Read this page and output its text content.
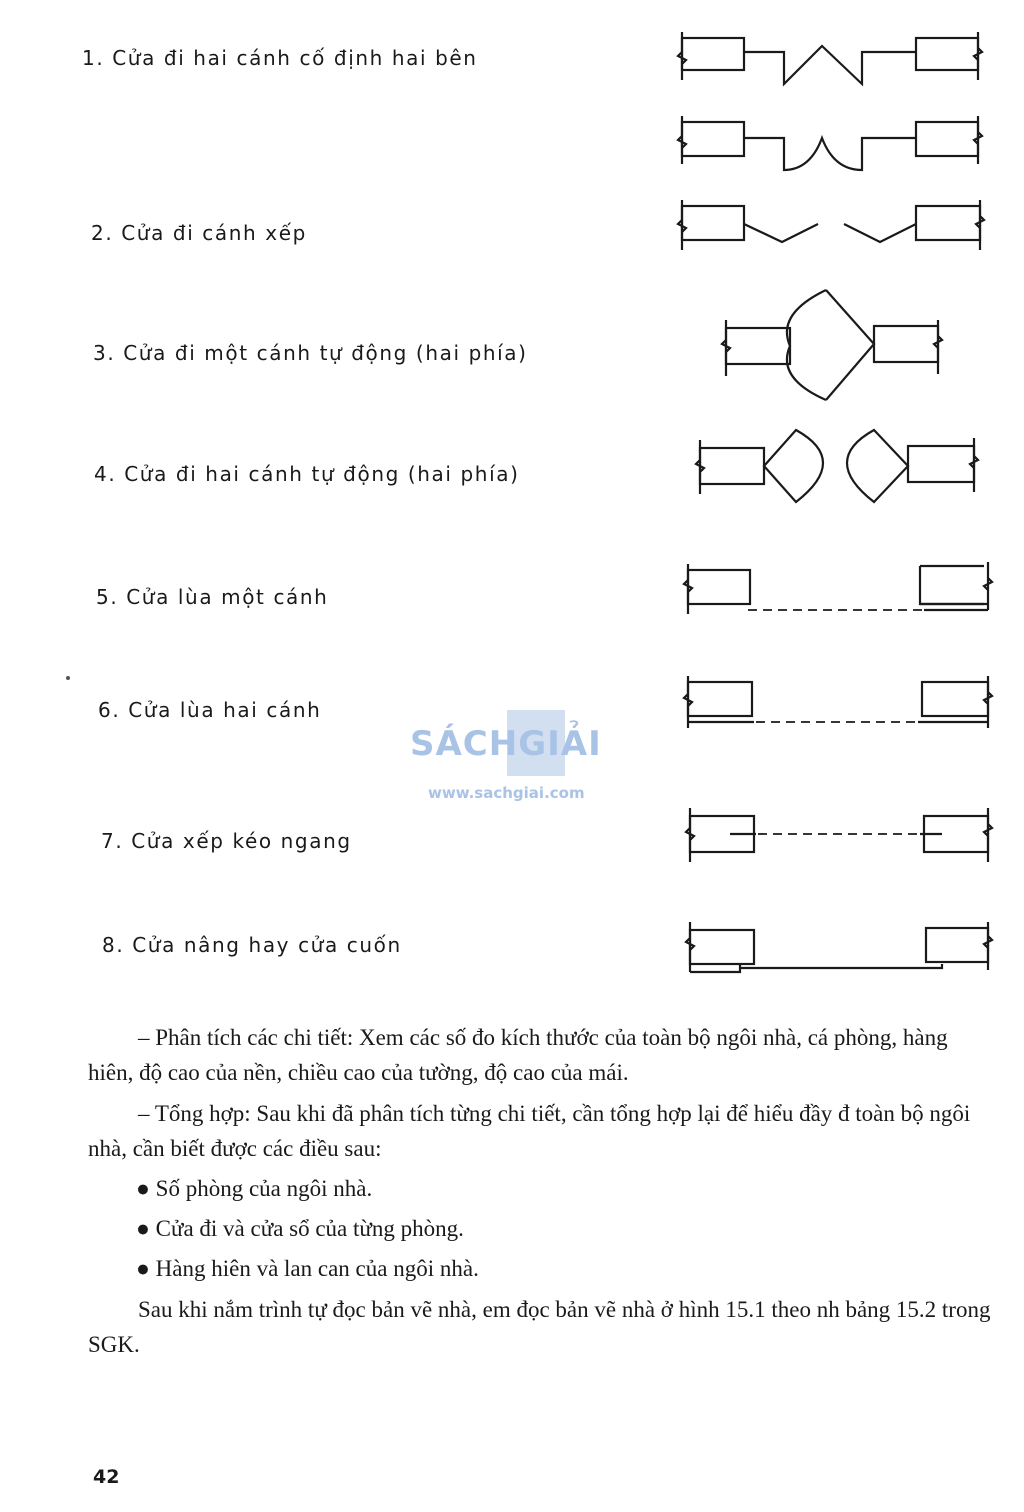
1. Cửa đi hai cánh cố định hai bên
2. Cửa đi cánh xếp
3. Cửa đi một cánh tự động (hai phía)
4. Cửa đi hai cánh tự động (hai phía)
5. Cửa lùa một cánh
6. Cửa lùa hai cánh
7. Cửa xếp kéo ngang
8. Cửa nâng hay cửa cuốn
SÁCHGIẢI
www.sachgiai.com

– Phân tích các chi tiết: Xem các số đo kích thước của toàn bộ ngôi nhà, cá phòng, hàng hiên, độ cao của nền, chiều cao của tường, độ cao của mái.

– Tổng hợp: Sau khi đã phân tích từng chi tiết, cần tổng hợp lại để hiểu đầy đ toàn bộ ngôi nhà, cần biết được các điều sau:

● Số phòng của ngôi nhà.

● Cửa đi và cửa sổ của từng phòng.

● Hàng hiên và lan can của ngôi nhà.

Sau khi nắm trình tự đọc bản vẽ nhà, em đọc bản vẽ nhà ở hình 15.1 theo nh bảng 15.2 trong SGK.

42
